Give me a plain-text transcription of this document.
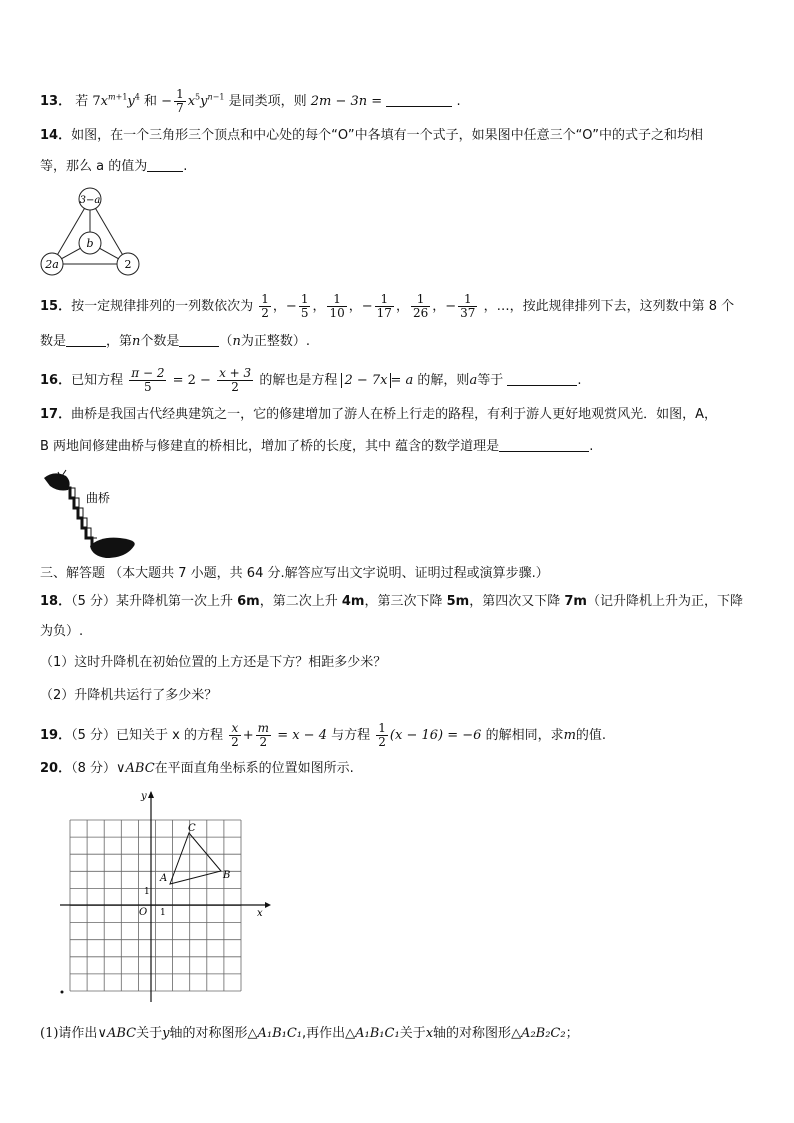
13． 若 $7x^{m+1}y^4$ 和 − $\frac{1}{7} x^5y^{n-1}$ 是同类项，则 2m − 3n =	.
14．如图，在一个三角形三个顶点和中心处的每个“O”中各填有一个式子，如果图中任意三个“O”中的式子之和均相
等，那么 a 的值为	.
3−a
b
2a	2
15．按一定规律排列的一列数依次为 $\frac{1}{2}$ ，− $\frac{1}{5}$ ， $\frac{1}{10}$ ，− $\frac{1}{17}$ ， $\frac{1}{26}$ ，− $\frac{1}{37}$ ，…，按此规律排列下去，这列数中第 8 个
数是	，第n个数是	（n为正整数）.
16．已知方程 $\frac{\pi - 2}{5} = 2 - \frac{x + 3}{2}$ 的解也是方程 2 − 7x = a 的解，则a等于	.
17．曲桥是我国古代经典建筑之一，它的修建增加了游人在桥上行走的路程，有利于游人更好地观赏风光．如图，A，
B 两地间修建曲桥与修建直的桥相比，增加了桥的长度，其中 蕴含的数学道理是	.
曲桥
三、解答题 （本大题共 7 小题，共 64 分.解答应写出文字说明、证明过程或演算步骤.）
18．（5 分）某升降机第一次上升 6m，第二次上升 4m，第三次下降 5m，第四次又下降 7m（记升降机上升为正，下降
为负）.
（1）这时升降机在初始位置的上方还是下方？相距多少米？
（2）升降机共运行了多少米？
19．（5 分）已知关于 x 的方程 $\frac{x}{2} + \frac{m}{2} = x - 4$ 与方程 $\frac{1}{2} (x - 16) = -6$ 的解相同，求m的值.
20．（8 分）∨ABC在平面直角坐标系的位置如图所示.
x
y
O 1
1
A	B
C
(1)请作出∨ABC关于y轴的对称图形△A₁B₁C₁,再作出△A₁B₁C₁关于x轴的对称图形△A₂B₂C₂；
